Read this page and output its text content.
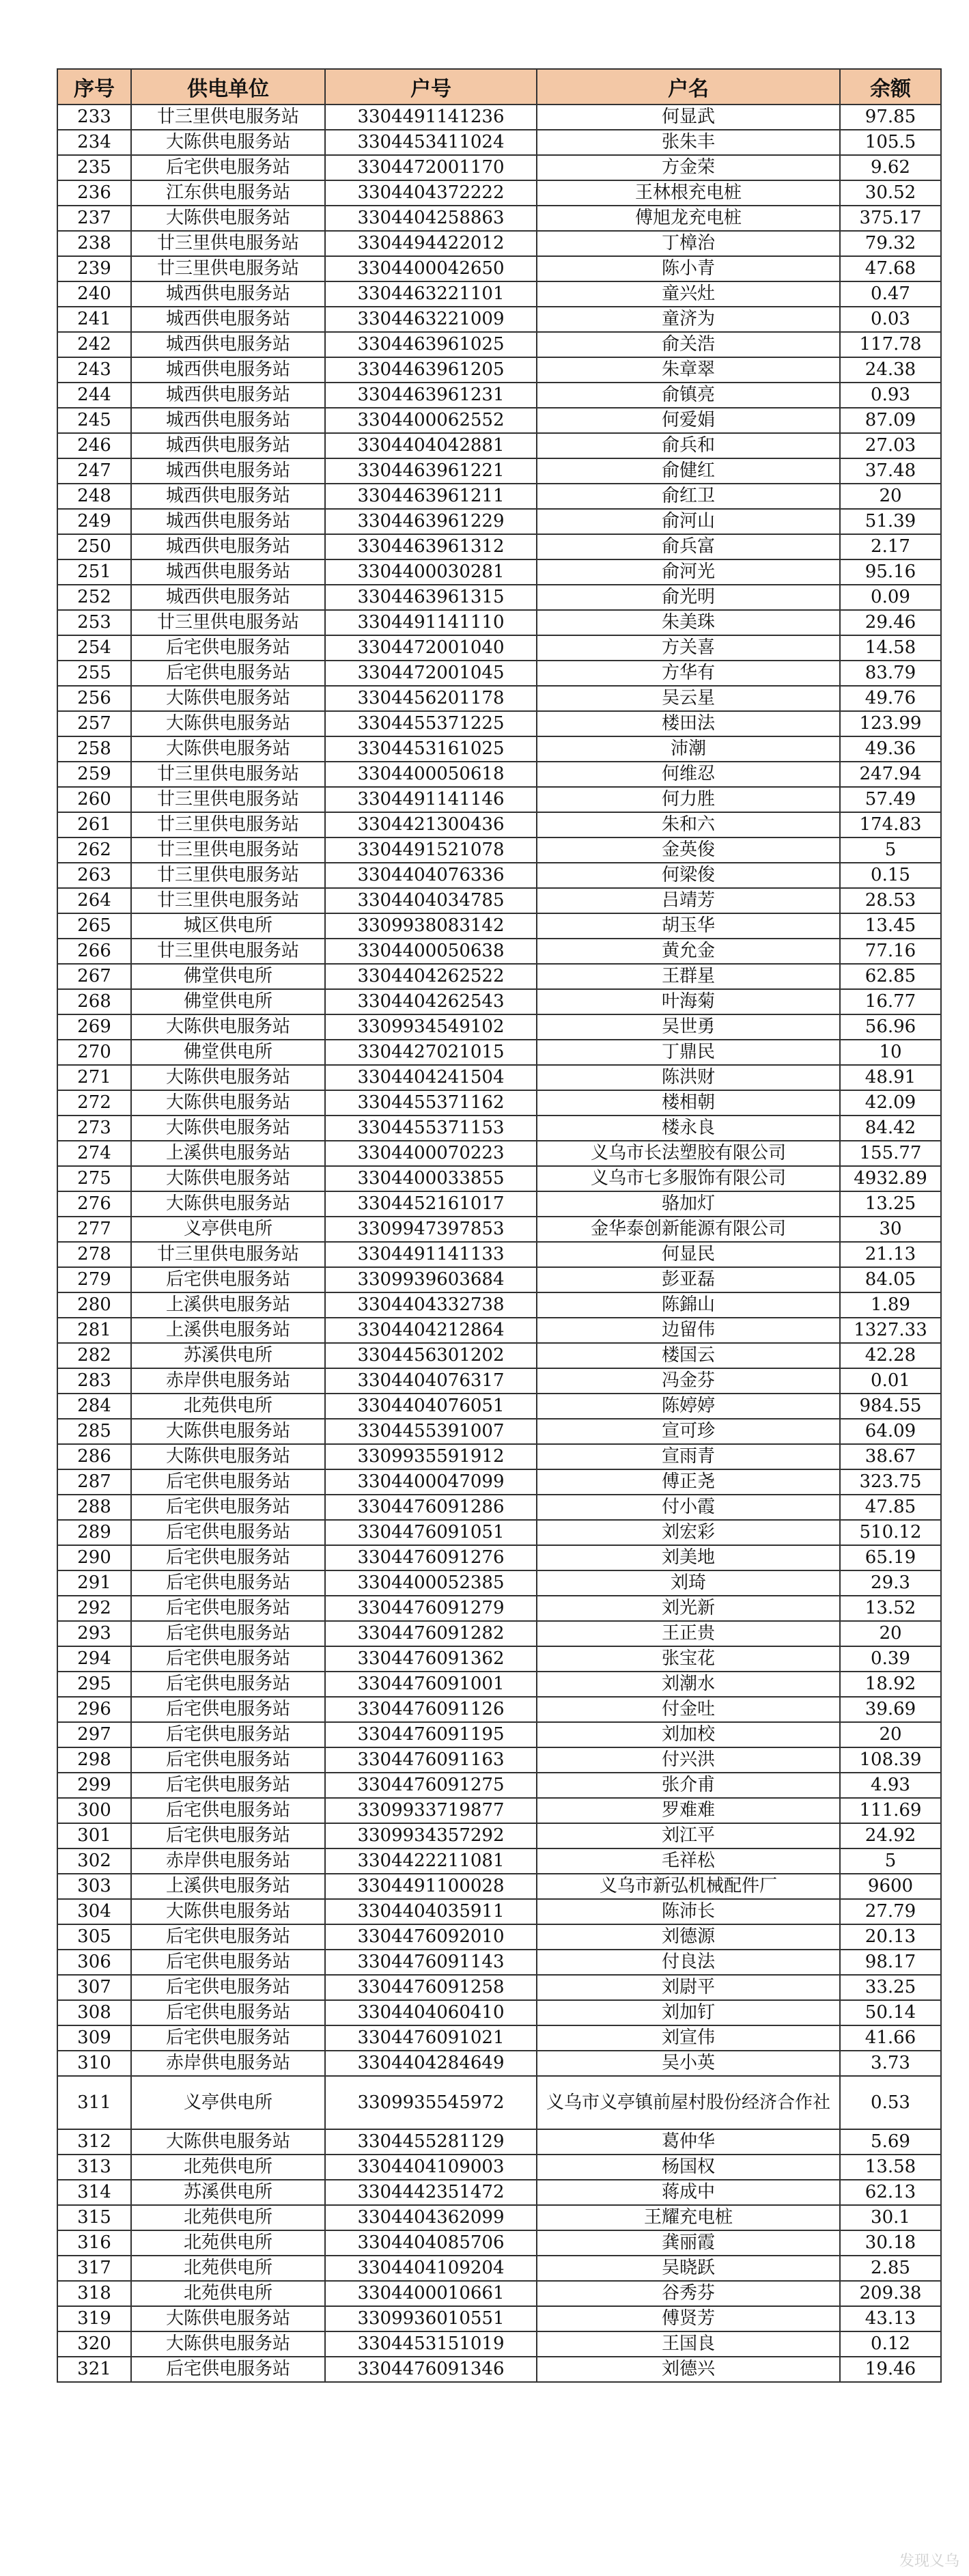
序号	供电单位	户号	户名	余额
233	廿三里供电服务站	3304491141236	何显武	97.85
234	大陈供电服务站	3304453411024	张朱丰	105.5
235	后宅供电服务站	3304472001170	方金荣	9.62
236	江东供电服务站	3304404372222	王林根充电桩	30.52
237	大陈供电服务站	3304404258863	傅旭龙充电桩	375.17
238	廿三里供电服务站	3304494422012	丁樟治	79.32
239	廿三里供电服务站	3304400042650	陈小青	47.68
240	城西供电服务站	3304463221101	童兴灶	0.47
241	城西供电服务站	3304463221009	童济为	0.03
242	城西供电服务站	3304463961025	俞关浩	117.78
243	城西供电服务站	3304463961205	朱章翠	24.38
244	城西供电服务站	3304463961231	俞镇亮	0.93
245	城西供电服务站	3304400062552	何爱娟	87.09
246	城西供电服务站	3304404042881	俞兵和	27.03
247	城西供电服务站	3304463961221	俞健红	37.48
248	城西供电服务站	3304463961211	俞红卫	20
249	城西供电服务站	3304463961229	俞河山	51.39
250	城西供电服务站	3304463961312	俞兵富	2.17
251	城西供电服务站	3304400030281	俞河光	95.16
252	城西供电服务站	3304463961315	俞光明	0.09
253	廿三里供电服务站	3304491141110	朱美珠	29.46
254	后宅供电服务站	3304472001040	方关喜	14.58
255	后宅供电服务站	3304472001045	方华有	83.79
256	大陈供电服务站	3304456201178	吴云星	49.76
257	大陈供电服务站	3304455371225	楼田法	123.99
258	大陈供电服务站	3304453161025	沛潮	49.36
259	廿三里供电服务站	3304400050618	何维忍	247.94
260	廿三里供电服务站	3304491141146	何力胜	57.49
261	廿三里供电服务站	3304421300436	朱和六	174.83
262	廿三里供电服务站	3304491521078	金英俊	5
263	廿三里供电服务站	3304404076336	何梁俊	0.15
264	廿三里供电服务站	3304404034785	吕靖芳	28.53
265	城区供电所	3309938083142	胡玉华	13.45
266	廿三里供电服务站	3304400050638	黄允金	77.16
267	佛堂供电所	3304404262522	王群星	62.85
268	佛堂供电所	3304404262543	叶海菊	16.77
269	大陈供电服务站	3309934549102	吴世勇	56.96
270	佛堂供电所	3304427021015	丁鼎民	10
271	大陈供电服务站	3304404241504	陈洪财	48.91
272	大陈供电服务站	3304455371162	楼相朝	42.09
273	大陈供电服务站	3304455371153	楼永良	84.42
274	上溪供电服务站	3304400070223	义乌市长法塑胶有限公司	155.77
275	大陈供电服务站	3304400033855	义乌市七多服饰有限公司	4932.89
276	大陈供电服务站	3304452161017	骆加灯	13.25
277	义亭供电所	3309947397853	金华泰创新能源有限公司	30
278	廿三里供电服务站	3304491141133	何显民	21.13
279	后宅供电服务站	3309939603684	彭亚磊	84.05
280	上溪供电服务站	3304404332738	陈錦山	1.89
281	上溪供电服务站	3304404212864	边留伟	1327.33
282	苏溪供电所	3304456301202	楼国云	42.28
283	赤岸供电服务站	3304404076317	冯金芬	0.01
284	北苑供电所	3304404076051	陈婷婷	984.55
285	大陈供电服务站	3304455391007	宣可珍	64.09
286	大陈供电服务站	3309935591912	宣雨青	38.67
287	后宅供电服务站	3304400047099	傅正尧	323.75
288	后宅供电服务站	3304476091286	付小霞	47.85
289	后宅供电服务站	3304476091051	刘宏彩	510.12
290	后宅供电服务站	3304476091276	刘美地	65.19
291	后宅供电服务站	3304400052385	刘琦	29.3
292	后宅供电服务站	3304476091279	刘光新	13.52
293	后宅供电服务站	3304476091282	王正贵	20
294	后宅供电服务站	3304476091362	张宝花	0.39
295	后宅供电服务站	3304476091001	刘潮水	18.92
296	后宅供电服务站	3304476091126	付金吐	39.69
297	后宅供电服务站	3304476091195	刘加校	20
298	后宅供电服务站	3304476091163	付兴洪	108.39
299	后宅供电服务站	3304476091275	张介甫	4.93
300	后宅供电服务站	3309933719877	罗难难	111.69
301	后宅供电服务站	3309934357292	刘江平	24.92
302	赤岸供电服务站	3304422211081	毛祥松	5
303	上溪供电服务站	3304491100028	义乌市新弘机械配件厂	9600
304	大陈供电服务站	3304404035911	陈沛长	27.79
305	后宅供电服务站	3304476092010	刘德源	20.13
306	后宅供电服务站	3304476091143	付良法	98.17
307	后宅供电服务站	3304476091258	刘尉平	33.25
308	后宅供电服务站	3304404060410	刘加钉	50.14
309	后宅供电服务站	3304476091021	刘宣伟	41.66
310	赤岸供电服务站	3304404284649	吴小英	3.73
311	义亭供电所	3309935545972	义乌市义亭镇前屋村股份经济合作社	0.53
312	大陈供电服务站	3304455281129	葛仲华	5.69
313	北苑供电所	3304404109003	杨国权	13.58
314	苏溪供电所	3304442351472	蒋成中	62.13
315	北苑供电所	3304404362099	王耀充电桩	30.1
316	北苑供电所	3304404085706	龚丽霞	30.18
317	北苑供电所	3304404109204	吴晓跃	2.85
318	北苑供电所	3304400010661	谷秀芬	209.38
319	大陈供电服务站	3309936010551	傅贤芳	43.13
320	大陈供电服务站	3304453151019	王国良	0.12
321	后宅供电服务站	3304476091346	刘德兴	19.46
发现义乌
